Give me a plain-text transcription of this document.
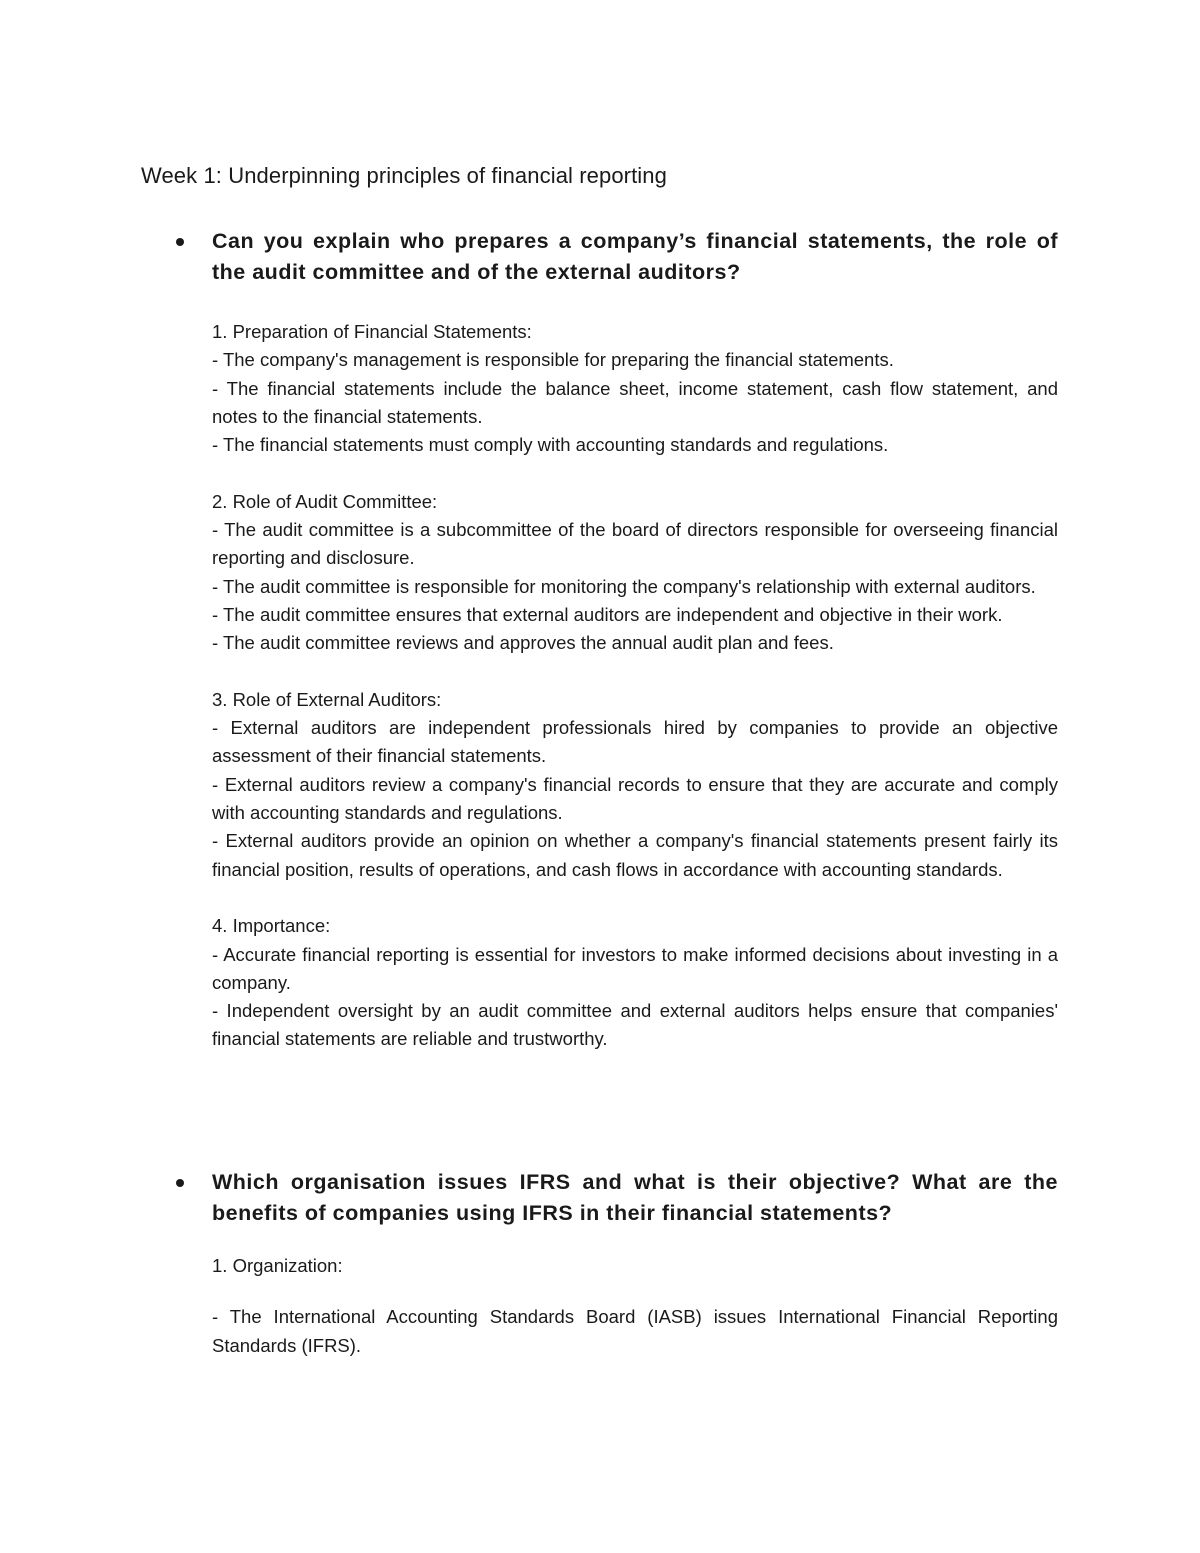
Week 1: Underpinning principles of financial reporting

Can you explain who prepares a company’s financial statements, the role of the audit committee and of the external auditors?

1. Preparation of Financial Statements:

- The company's management is responsible for preparing the financial statements.

- The financial statements include the balance sheet, income statement, cash flow statement, and notes to the financial statements.

- The financial statements must comply with accounting standards and regulations.

2. Role of Audit Committee:

- The audit committee is a subcommittee of the board of directors responsible for overseeing financial reporting and disclosure.

- The audit committee is responsible for monitoring the company's relationship with external auditors.

- The audit committee ensures that external auditors are independent and objective in their work.

- The audit committee reviews and approves the annual audit plan and fees.

3. Role of External Auditors:

- External auditors are independent professionals hired by companies to provide an objective assessment of their financial statements.

- External auditors review a company's financial records to ensure that they are accurate and comply with accounting standards and regulations.

- External auditors provide an opinion on whether a company's financial statements present fairly its financial position, results of operations, and cash flows in accordance with accounting standards.

4. Importance:

- Accurate financial reporting is essential for investors to make informed decisions about investing in a company.

- Independent oversight by an audit committee and external auditors helps ensure that companies' financial statements are reliable and trustworthy.

Which organisation issues IFRS and what is their objective? What are the benefits of companies using IFRS in their financial statements?

1. Organization:

- The International Accounting Standards Board (IASB) issues International Financial Reporting Standards (IFRS).
